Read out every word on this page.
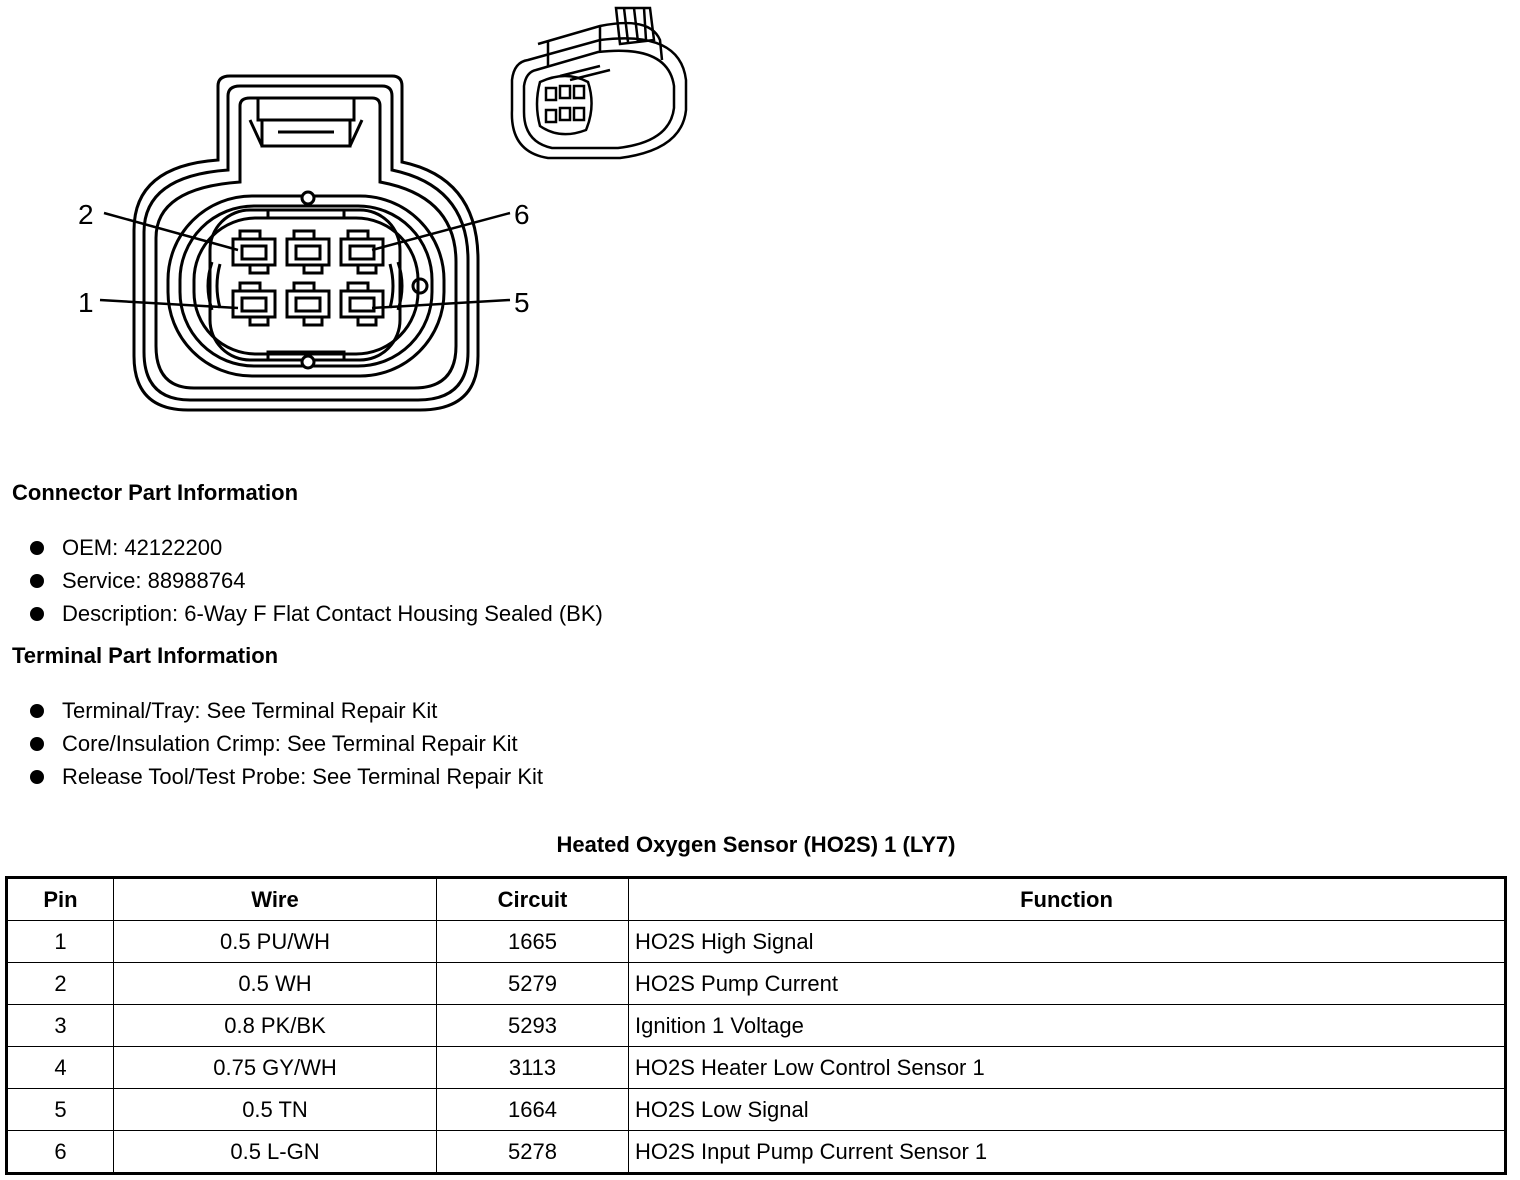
2	6
1	5
Connector Part Information
OEM: 42122200
Service: 88988764
Description: 6-Way F Flat Contact Housing Sealed (BK)
Terminal Part Information
Terminal/Tray: See Terminal Repair Kit
Core/Insulation Crimp: See Terminal Repair Kit
Release Tool/Test Probe: See Terminal Repair Kit
Heated Oxygen Sensor (HO2S) 1 (LY7)
Pin	Wire	Circuit	Function
1	0.5 PU/WH	1665	HO2S High Signal
2	0.5 WH	5279	HO2S Pump Current
3	0.8 PK/BK	5293	Ignition 1 Voltage
4	0.75 GY/WH	3113	HO2S Heater Low Control Sensor 1
5	0.5 TN	1664	HO2S Low Signal
6	0.5 L-GN	5278	HO2S Input Pump Current Sensor 1
